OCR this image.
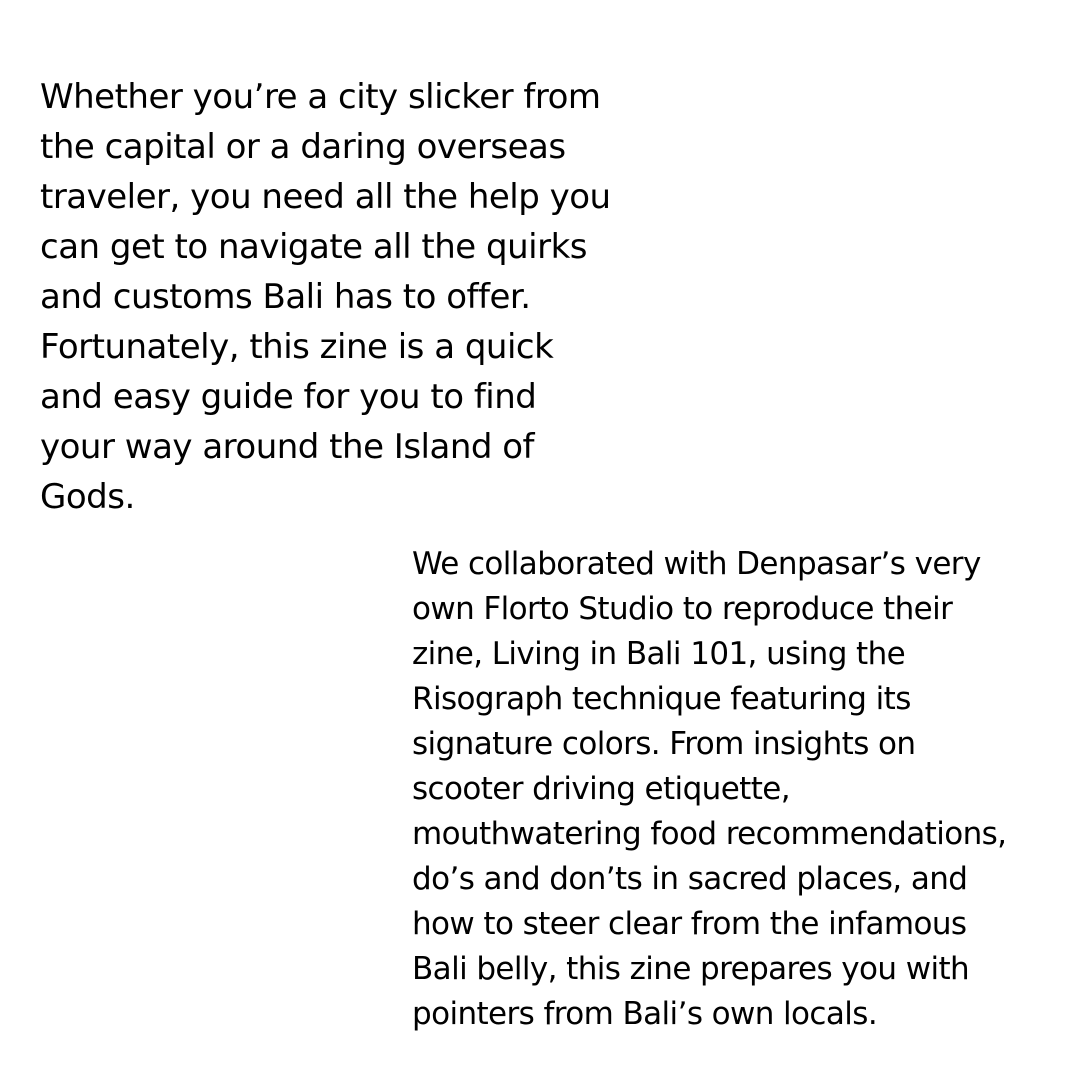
Whether you’re a city slicker from
the capital or a daring overseas
traveler, you need all the help you
can get to navigate all the quirks
and customs Bali has to offer.
Fortunately, this zine is a quick
and easy guide for you to find
your way around the Island of
Gods.

We collaborated with Denpasar’s very
own Florto Studio to reproduce their
zine, Living in Bali 101, using the
Risograph technique featuring its
signature colors. From insights on
scooter driving etiquette,
mouthwatering food recommendations,
do’s and don’ts in sacred places, and
how to steer clear from the infamous
Bali belly, this zine prepares you with
pointers from Bali’s own locals.
